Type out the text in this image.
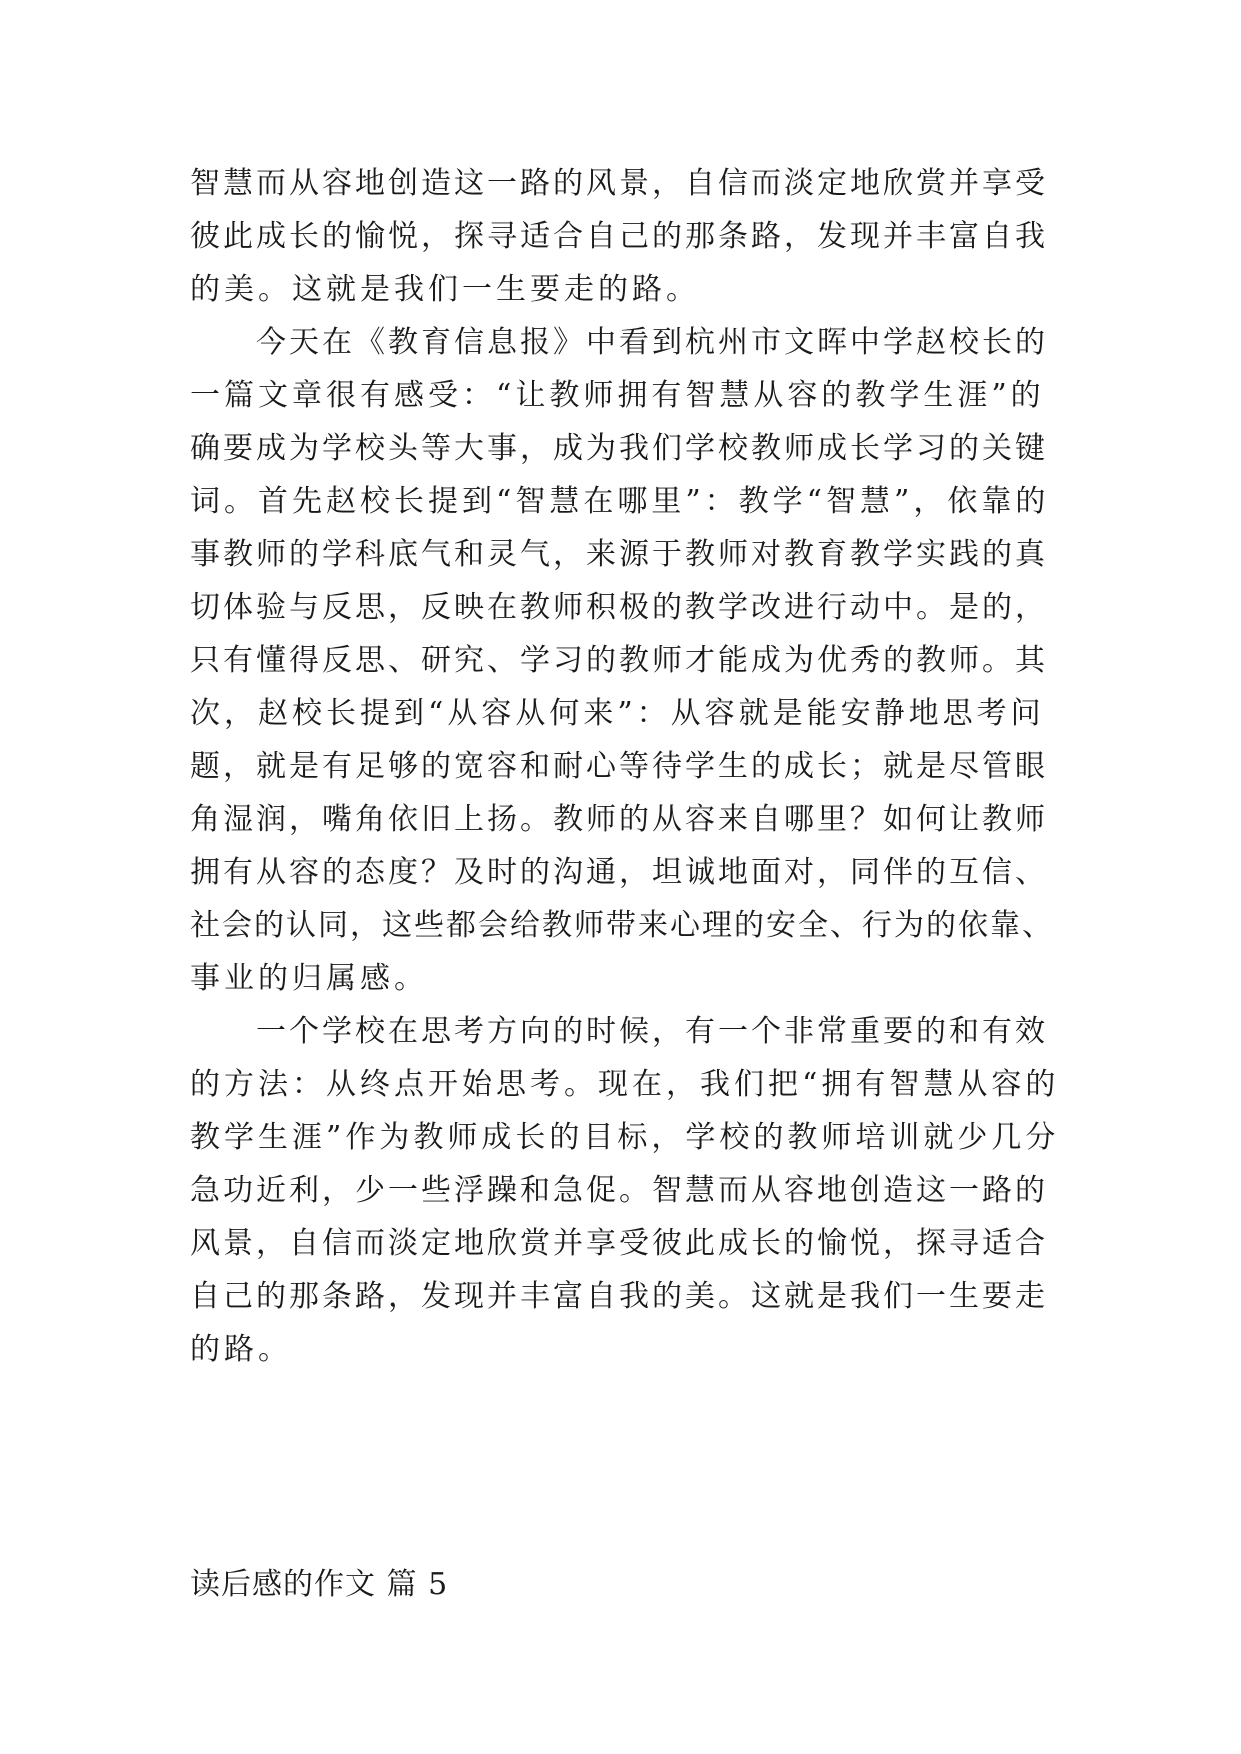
智慧而从容地创造这一路的风景，自信而淡定地欣赏并享受
彼此成长的愉悦，探寻适合自己的那条路，发现并丰富自我
的美。这就是我们一生要走的路。
　　今天在《教育信息报》中看到杭州市文晖中学赵校长的
一篇文章很有感受：“让教师拥有智慧从容的教学生涯”的
确要成为学校头等大事，成为我们学校教师成长学习的关键
词。首先赵校长提到“智慧在哪里”：教学“智慧”，依靠的
事教师的学科底气和灵气，来源于教师对教育教学实践的真
切体验与反思，反映在教师积极的教学改进行动中。是的，
只有懂得反思、研究、学习的教师才能成为优秀的教师。其
次，赵校长提到“从容从何来”：从容就是能安静地思考问
题，就是有足够的宽容和耐心等待学生的成长；就是尽管眼
角湿润，嘴角依旧上扬。教师的从容来自哪里？如何让教师
拥有从容的态度？及时的沟通，坦诚地面对，同伴的互信、
社会的认同，这些都会给教师带来心理的安全、行为的依靠、
事业的归属感。
　　一个学校在思考方向的时候，有一个非常重要的和有效
的方法：从终点开始思考。现在，我们把“拥有智慧从容的
教学生涯”作为教师成长的目标，学校的教师培训就少几分
急功近利，少一些浮躁和急促。智慧而从容地创造这一路的
风景，自信而淡定地欣赏并享受彼此成长的愉悦，探寻适合
自己的那条路，发现并丰富自我的美。这就是我们一生要走
的路。
读后感的作文 篇 5
